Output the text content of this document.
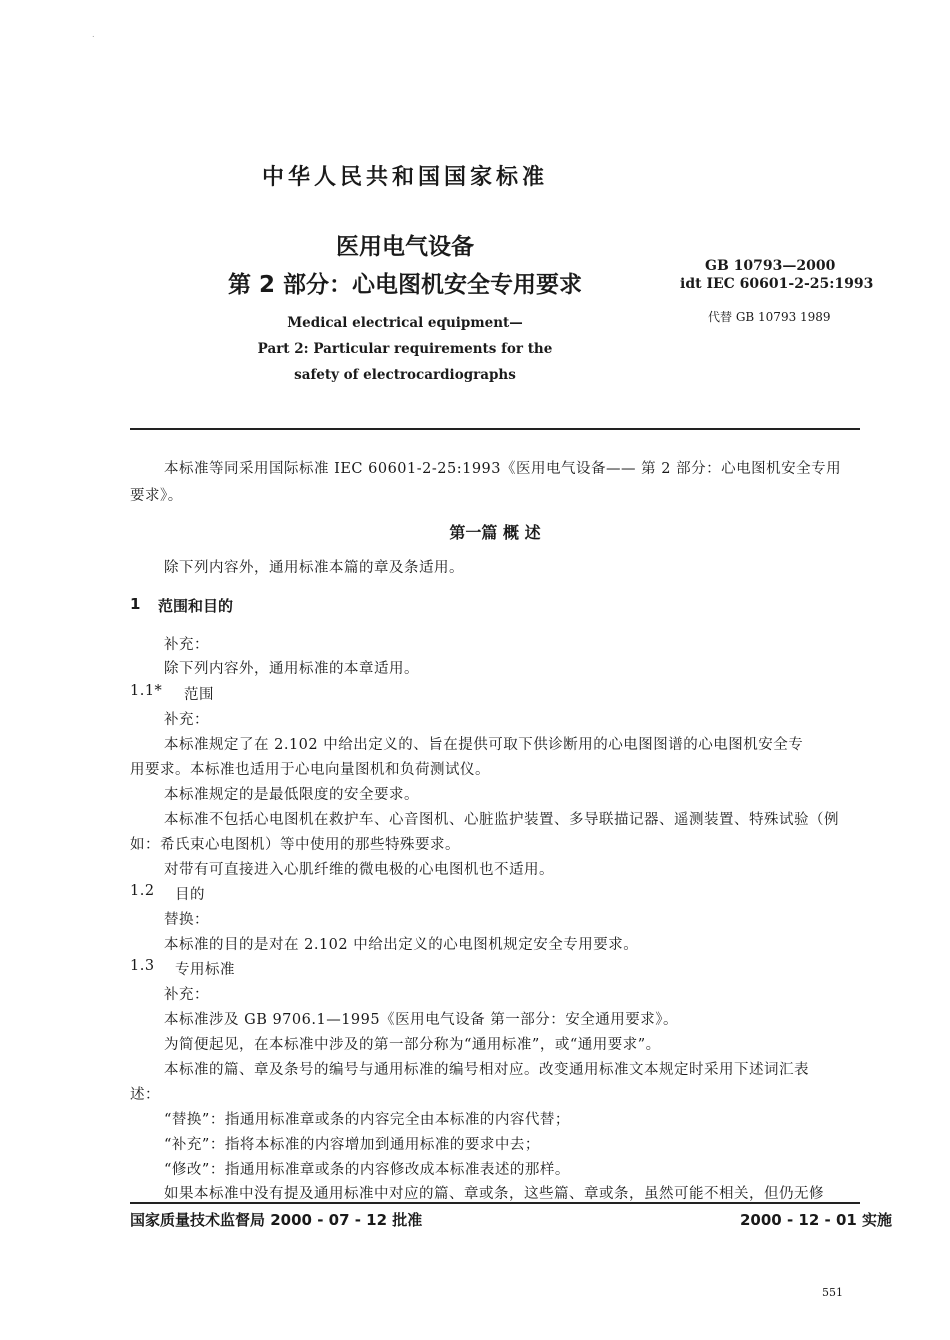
.
中华人民共和国国家标准
医用电气设备
第 2 部分：心电图机安全专用要求
Medical electrical equipment—
Part 2: Particular requirements for the
safety of electrocardiographs
GB 10793—2000
idt IEC 60601-2-25:1993
代替 GB 10793 1989
本标准等同采用国际标准 IEC 60601-2-25:1993《医用电气设备—— 第 2 部分：心电图机安全专用
要求》。
第一篇 概 述
除下列内容外，通用标准本篇的章及条适用。
1 范围和目的
补充：
除下列内容外，通用标准的本章适用。
1.1* 范围
补充：
本标准规定了在 2.102 中给出定义的、旨在提供可取下供诊断用的心电图图谱的心电图机安全专
用要求。本标准也适用于心电向量图机和负荷测试仪。
本标准规定的是最低限度的安全要求。
本标准不包括心电图机在救护车、心音图机、心脏监护装置、多导联描记器、遥测装置、特殊试验（例
如：希氏束心电图机）等中使用的那些特殊要求。
对带有可直接进入心肌纤维的微电极的心电图机也不适用。
1.2 目的
替换：
本标准的目的是对在 2.102 中给出定义的心电图机规定安全专用要求。
1.3 专用标准
补充：
本标准涉及 GB 9706.1—1995《医用电气设备 第一部分：安全通用要求》。
为简便起见，在本标准中涉及的第一部分称为“通用标准”，或“通用要求”。
本标准的篇、章及条号的编号与通用标准的编号相对应。改变通用标准文本规定时采用下述词汇表
述：
“替换”：指通用标准章或条的内容完全由本标准的内容代替；
“补充”：指将本标准的内容增加到通用标准的要求中去；
“修改”：指通用标准章或条的内容修改成本标准表述的那样。
如果本标准中没有提及通用标准中对应的篇、章或条，这些篇、章或条，虽然可能不相关，但仍无修
国家质量技术监督局 2000 - 07 - 12 批准	2000 - 12 - 01 实施
551
